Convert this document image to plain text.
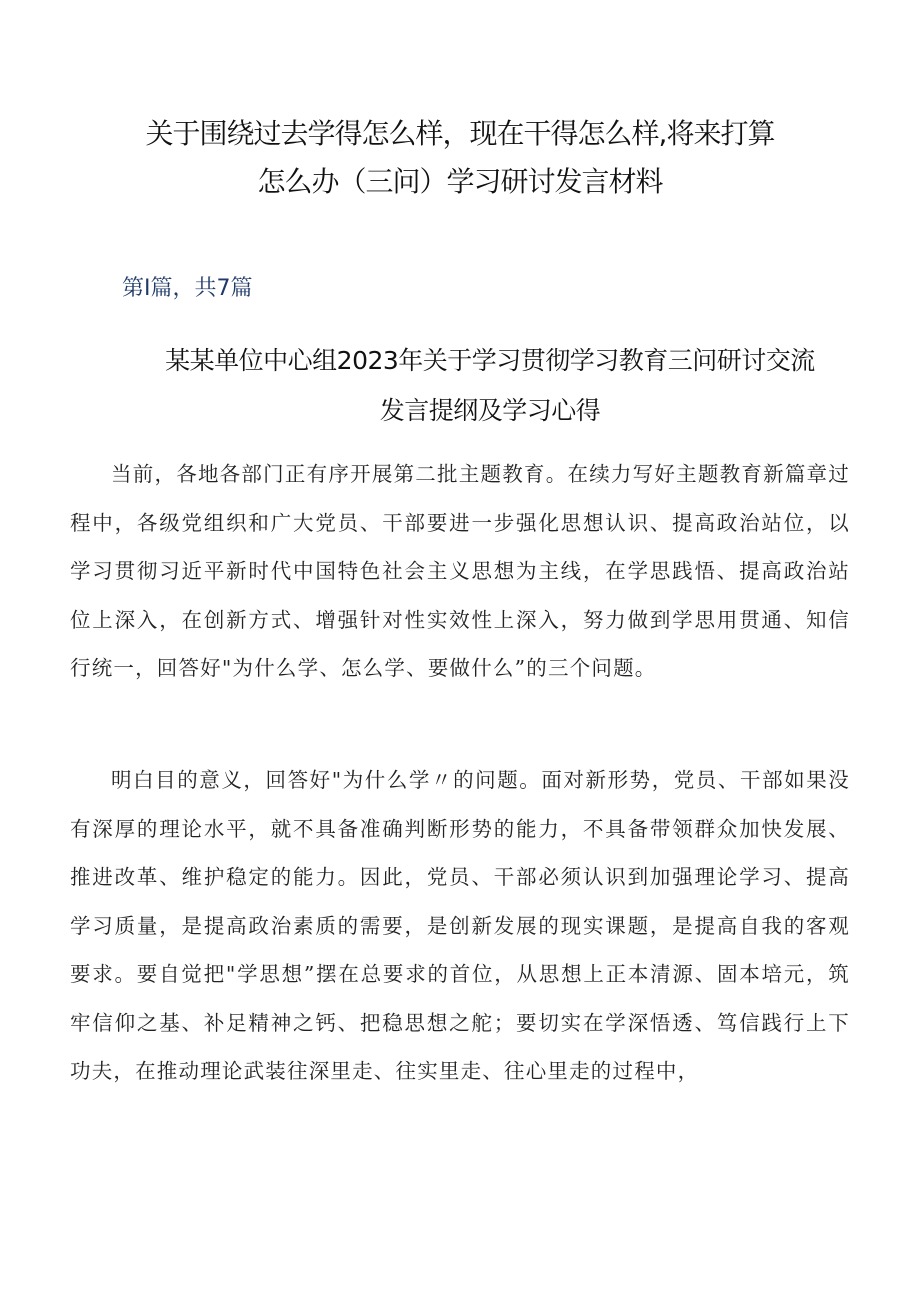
关于围绕过去学得怎么样，现在干得怎么样,将来打算
怎么办（三问）学习研讨发言材料
第I篇，共7篇
某某单位中心组2023年关于学习贯彻学习教育三问研讨交流
发言提纲及学习心得

当前，各地各部门正有序开展第二批主题教育。在续力写好主题教育新篇章过程中，各级党组织和广大党员、干部要进一步强化思想认识、提高政治站位，以学习贯彻习近平新时代中国特色社会主义思想为主线，在学思践悟、提高政治站位上深入，在创新方式、增强针对性实效性上深入，努力做到学思用贯通、知信行统一，回答好"为什么学、怎么学、要做什么”的三个问题。

明白目的意义，回答好"为什么学〃的问题。面对新形势，党员、干部如果没有深厚的理论水平，就不具备准确判断形势的能力，不具备带领群众加快发展、推进改革、维护稳定的能力。因此，党员、干部必须认识到加强理论学习、提高学习质量，是提高政治素质的需要，是创新发展的现实课题，是提高自我的客观要求。要自觉把"学思想”摆在总要求的首位，从思想上正本清源、固本培元，筑牢信仰之基、补足精神之钙、把稳思想之舵；要切实在学深悟透、笃信践行上下功夫，在推动理论武装往深里走、往实里走、往心里走的过程中，
